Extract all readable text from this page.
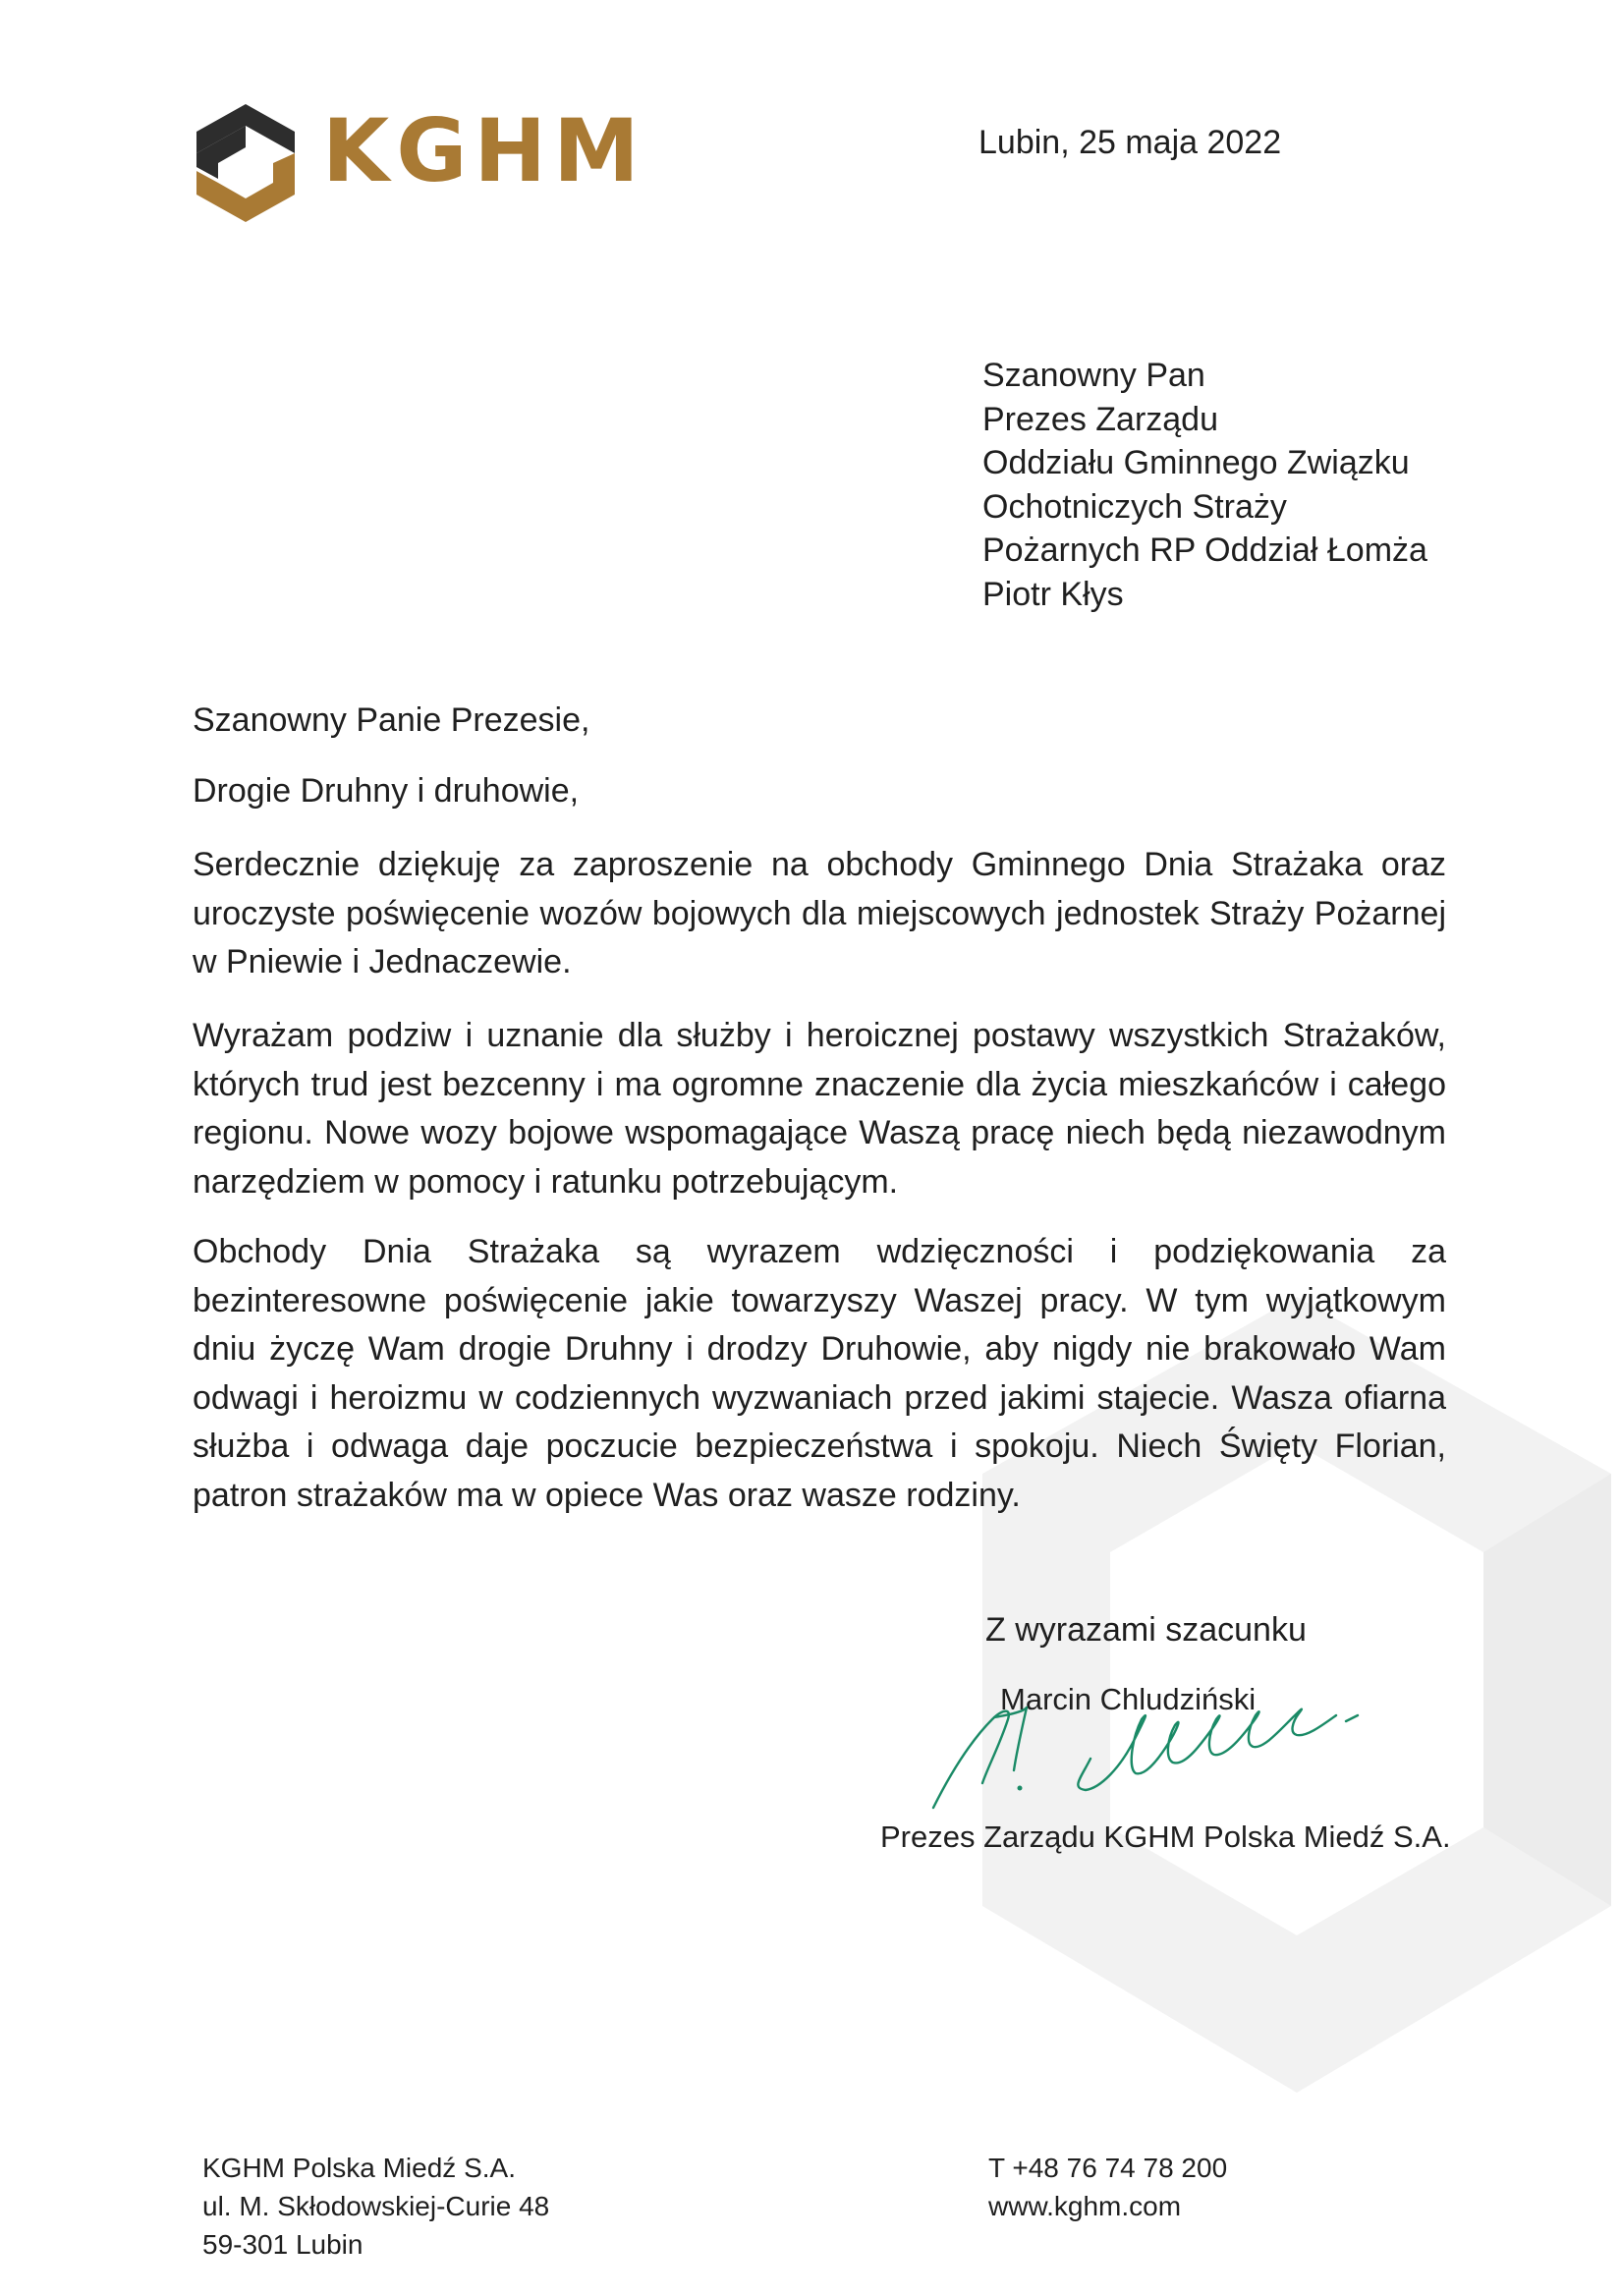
KGHM	Lubin, 25 maja 2022
Szanowny Pan
Prezes Zarządu
Oddziału Gminnego Związku
Ochotniczych Straży
Pożarnych RP Oddział Łomża
Piotr Kłys
Szanowny Panie Prezesie,
Drogie Druhny i druhowie,

Serdecznie dziękuję za zaproszenie na obchody Gminnego Dnia Strażaka oraz uroczyste poświęcenie wozów bojowych dla miejscowych jednostek Straży Pożarnej w Pniewie i Jednaczewie.

Wyrażam podziw i uznanie dla służby i heroicznej postawy wszystkich Strażaków, których trud jest bezcenny i ma ogromne znaczenie dla życia mieszkańców i całego regionu. Nowe wozy bojowe wspomagające Waszą pracę niech będą niezawodnym narzędziem w pomocy i ratunku potrzebującym.

Obchody Dnia Strażaka są wyrazem wdzięczności i podziękowania za bezinteresowne poświęcenie jakie towarzyszy Waszej pracy. W tym wyjątkowym dniu życzę Wam drogie Druhny i drodzy Druhowie, aby nigdy nie brakowało Wam odwagi i heroizmu w codziennych wyzwaniach przed jakimi stajecie. Wasza ofiarna służba i odwaga daje poczucie bezpieczeństwa i spokoju. Niech Święty Florian, patron strażaków ma w opiece Was oraz wasze rodziny.

Z wyrazami szacunku
Marcin Chludziński
Prezes Zarządu KGHM Polska Miedź S.A.
KGHM Polska Miedź S.A.
ul. M. Skłodowskiej-Curie 48
59-301 Lubin
T +48 76 74 78 200
www.kghm.com
